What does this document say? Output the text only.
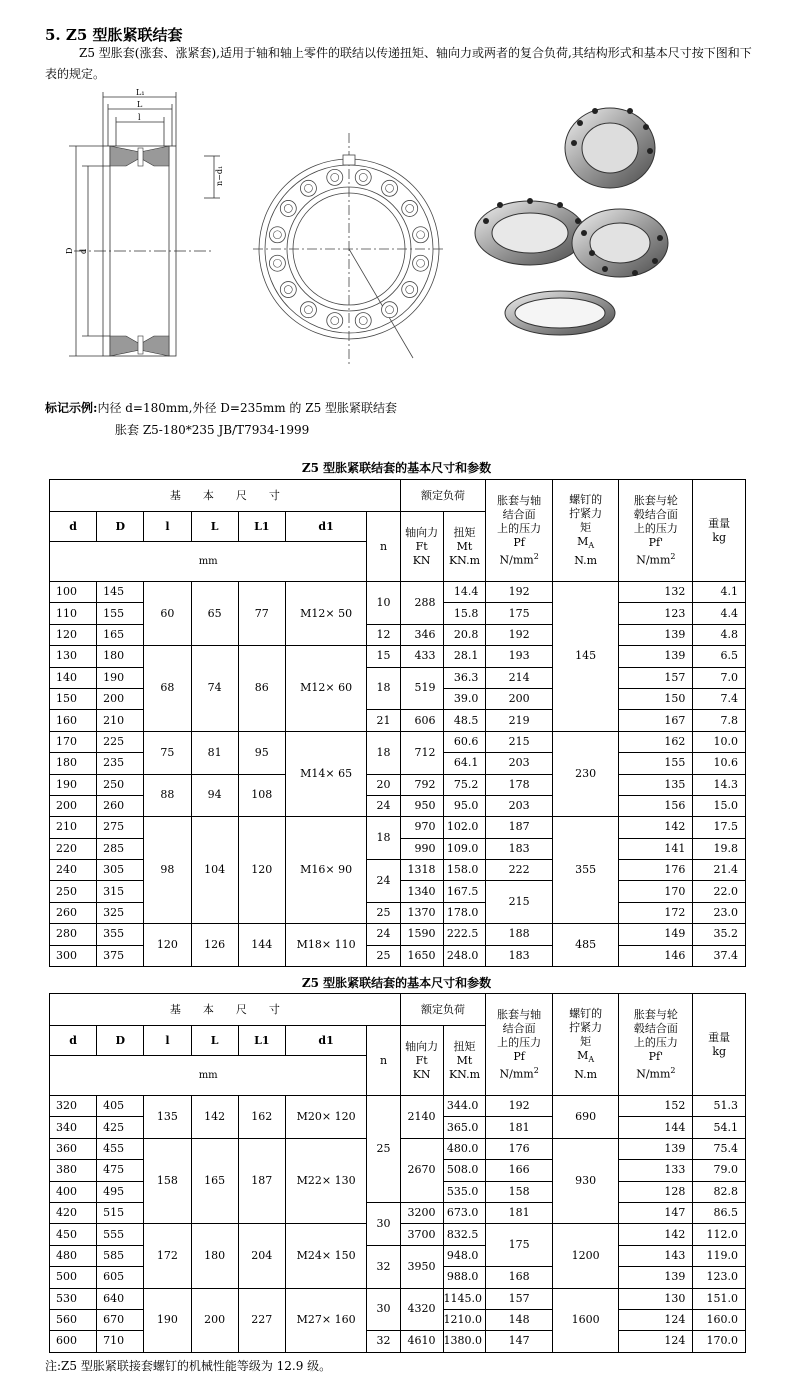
5. Z5 型胀紧联结套
Z5 型胀套(涨套、涨紧套),适用于轴和轴上零件的联结以传递扭矩、轴向力或两者的复合负荷,其结构形式和基本尺寸按下图和下表的规定。
L₁
L
l
D d
n−d₁
标记示例:内径 d=180mm,外径 D=235mm 的 Z5 型胀紧联结套
胀套 Z5-180*235 JB/T7934-1999
Z5 型胀紧联结套的基本尺寸和参数
基　　本　　尺　　寸							额定负荷		胀套与轴
结合面
上的压力
Pf
$N/mm^2$	螺钉的
拧紧力
矩
$M_A$
N.m	胀套与轮
毂结合面
上的压力
Pf'
$N/mm^2$	重量
kg
d	D	l	L	L1	d1	n	轴向力
Ft
KN	扭矩
Mt
KN.m				
mm												
100	145	60	65	77	M12× 50	10	288	14.4	192	145	132	4.1
110	155							15.8	175		123	4.4
120	165					12	346	20.8	192		139	4.8
130	180	68	74	86	M12× 60	15	433	28.1	193		139	6.5
140	190					18	519	36.3	214		157	7.0
150	200							39.0	200		150	7.4
160	210					21	606	48.5	219		167	7.8
170	225	75	81	95	M14× 65	18	712	60.6	215	230	162	10.0
180	235							64.1	203		155	10.6
190	250	88	94	108		20	792	75.2	178		135	14.3
200	260					24	950	95.0	203		156	15.0
210	275	98	104	120	M16× 90	18	970	102.0	187	355	142	17.5
220	285						990	109.0	183		141	19.8
240	305					24	1318	158.0	222		176	21.4
250	315						1340	167.5	215		170	22.0
260	325					25	1370	178.0			172	23.0
280	355	120	126	144	M18× 110	24	1590	222.5	188	485	149	35.2
300	375					25	1650	248.0	183		146	37.4
Z5 型胀紧联结套的基本尺寸和参数
基　　本　　尺　　寸							额定负荷		胀套与轴
结合面
上的压力
Pf
$N/mm^2$	螺钉的
拧紧力
矩
$M_A$
N.m	胀套与轮
毂结合面
上的压力
Pf'
$N/mm^2$	重量
kg
d	D	l	L	L1	d1	n	轴向力
Ft
KN	扭矩
Mt
KN.m				
mm												
320	405	135	142	162	M20× 120	25	2140	344.0	192	690	152	51.3
340	425							365.0	181		144	54.1
360	455	158	165	187	M22× 130		2670	480.0	176	930	139	75.4
380	475							508.0	166		133	79.0
400	495							535.0	158		128	82.8
420	515					30	3200	673.0	181		147	86.5
450	555	172	180	204	M24× 150		3700	832.5	175	1200	142	112.0
480	585					32	3950	948.0			143	119.0
500	605							988.0	168		139	123.0
530	640	190	200	227	M27× 160	30	4320	1145.0	157	1600	130	151.0
560	670							1210.0	148		124	160.0
600	710					32	4610	1380.0	147		124	170.0
注:Z5 型胀紧联接套螺钉的机械性能等级为 12.9 级。
